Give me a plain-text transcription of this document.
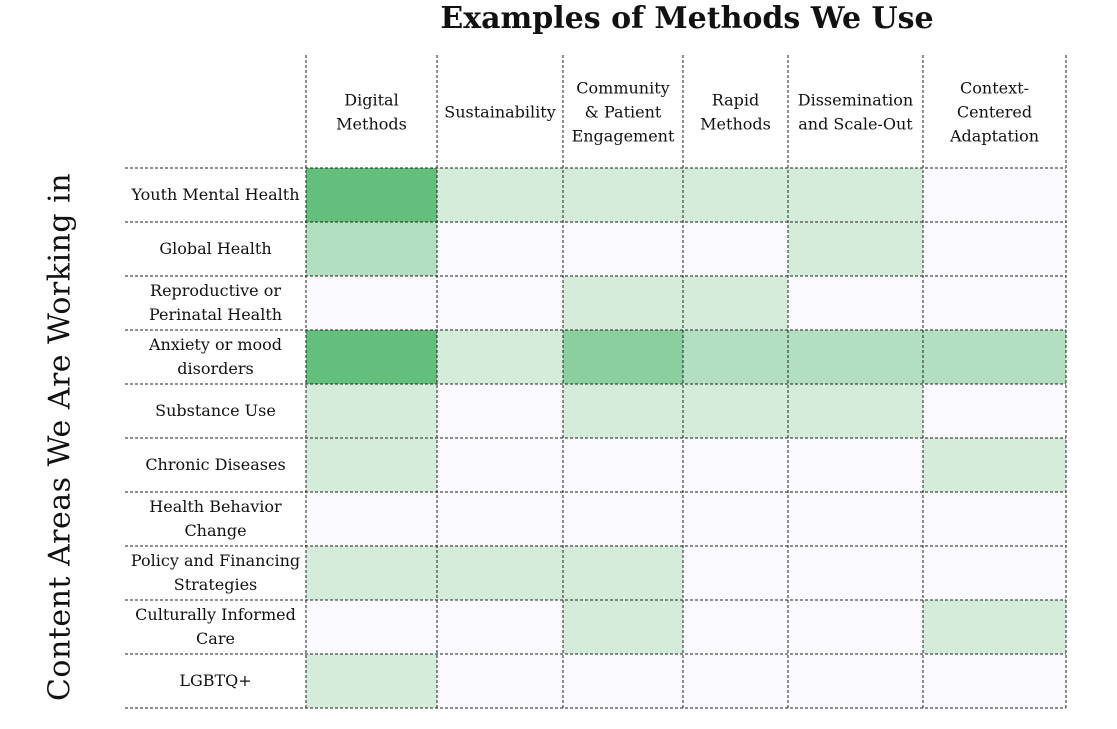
Examples of Methods We Use
Content Areas We Are Working in
Digital Methods
Sustainability
Community & Patient Engagement
Rapid Methods
Dissemination and Scale-Out
Context-Centered Adaptation
Youth Mental Health
Global Health
Reproductive or Perinatal Health
Anxiety or mood disorders
Substance Use
Chronic Diseases
Health Behavior Change
Policy and Financing Strategies
Culturally Informed Care
LGBTQ+
